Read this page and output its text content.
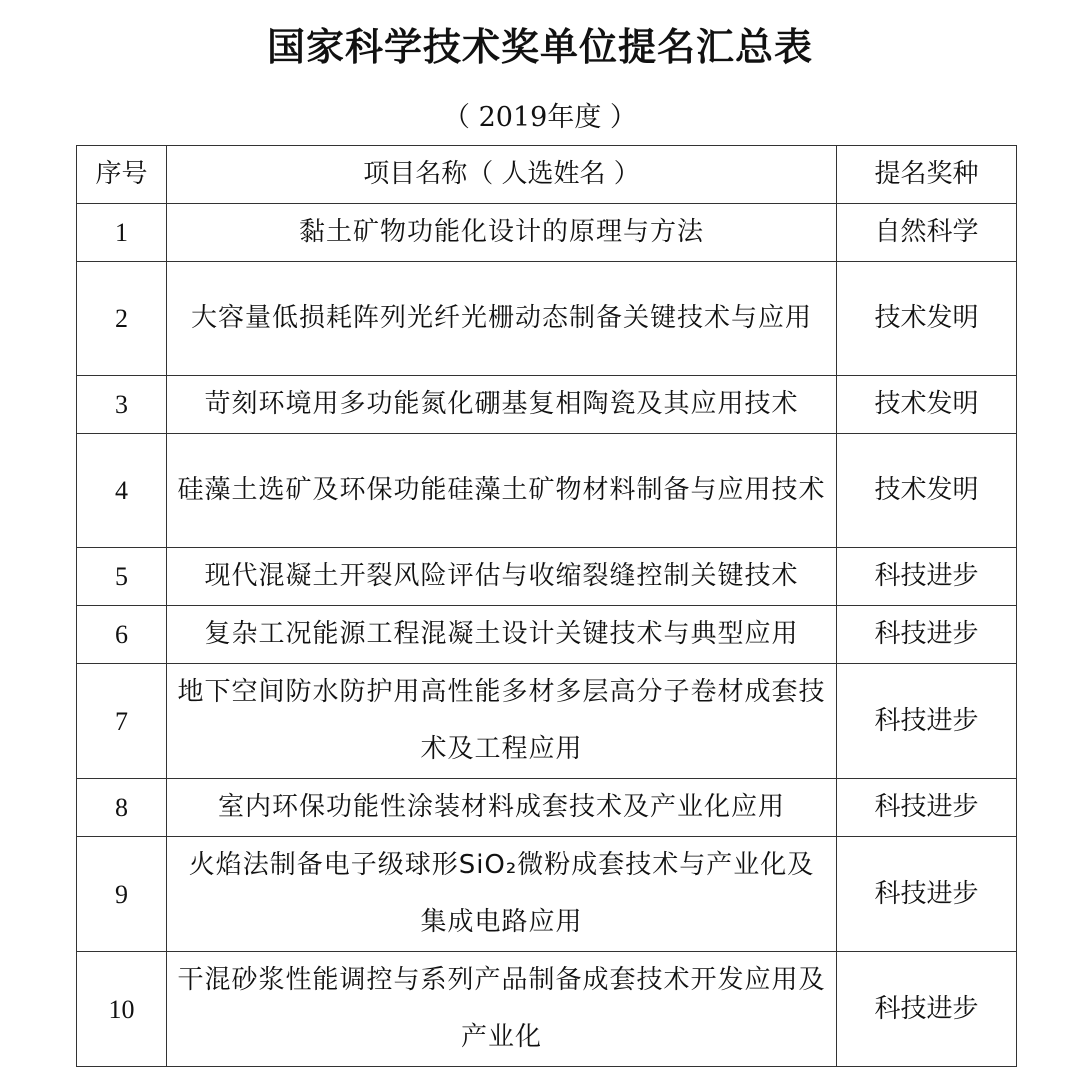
国家科学技术奖单位提名汇总表
（ 2019年度 ）
序号	项目名称（ 人选姓名 ）	提名奖种
1	黏土矿物功能化设计的原理与方法	自然科学
2	大容量低损耗阵列光纤光栅动态制备关键技术与应用	技术发明
3	苛刻环境用多功能氮化硼基复相陶瓷及其应用技术	技术发明
4	硅藻土选矿及环保功能硅藻土矿物材料制备与应用技术	技术发明
5	现代混凝土开裂风险评估与收缩裂缝控制关键技术	科技进步
6	复杂工况能源工程混凝土设计关键技术与典型应用	科技进步
7	地下空间防水防护用高性能多材多层高分子卷材成套技术及工程应用	科技进步
8	室内环保功能性涂装材料成套技术及产业化应用	科技进步
9	火焰法制备电子级球形SiO₂微粉成套技术与产业化及集成电路应用	科技进步
10	干混砂浆性能调控与系列产品制备成套技术开发应用及产业化	科技进步
